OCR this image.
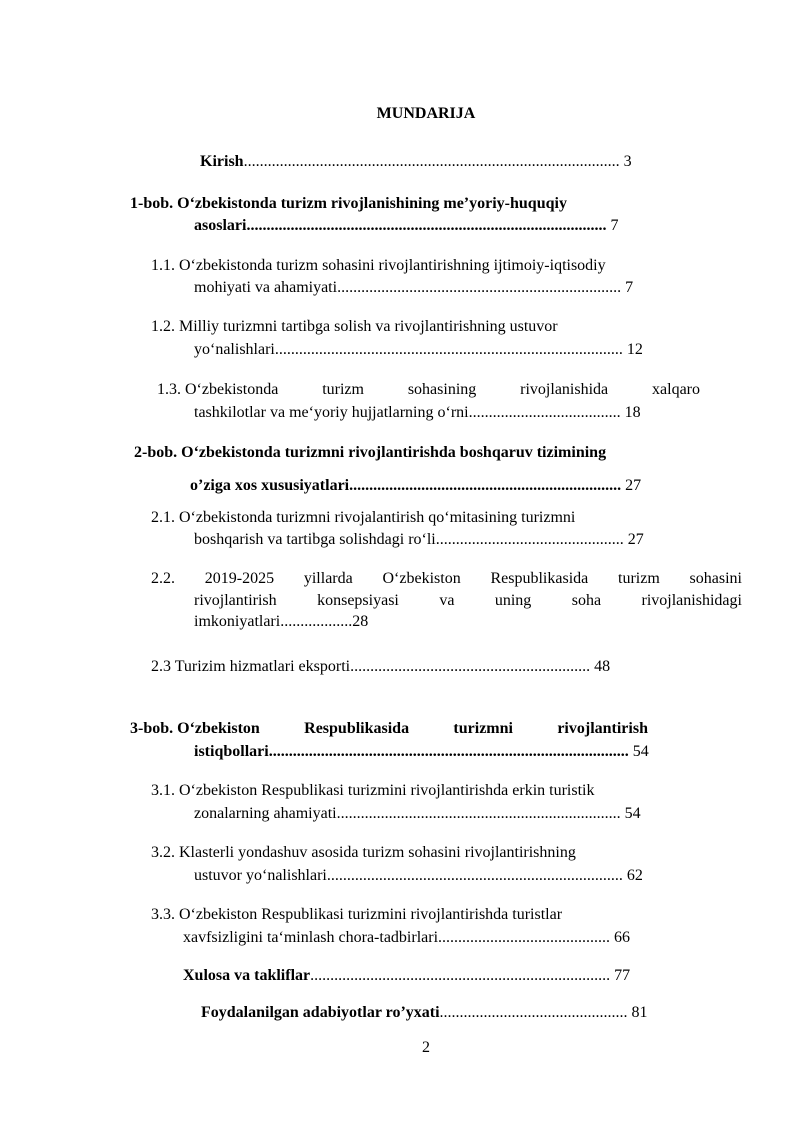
MUNDARIJA
Kirish.............................................................................................. 3
1-bob. O‘zbekistonda turizm rivojlanishining me’yoriy-huquqiy
asoslari.......................................................................................... 7
1.1. O‘zbekistonda turizm sohasini rivojlantirishning ijtimoiy-iqtisodiy
mohiyati va ahamiyati....................................................................... 7
1.2. Milliy turizmni tartibga solish va rivojlantirishning ustuvor
yo‘nalishlari....................................................................................... 12
1.3. O‘zbekistonda	turizm	sohasining	rivojlanishida	xalqaro
tashkilotlar va me‘yoriy hujjatlarning o‘rni...................................... 18
2-bob. O‘zbekistonda turizmni rivojlantirishda boshqaruv tizimining
o’ziga xos xususiyatlari.................................................................... 27
2.1. O‘zbekistonda turizmni rivojalantirish qo‘mitasining turizmni
boshqarish va tartibga solishdagi ro‘li............................................... 27
2.2. 2019-2025 yillarda O‘zbekiston Respublikasida turizm sohasini
rivojlantirish	konsepsiyasi	va	uning	soha	rivojlanishidagi
imkoniyatlari..................28
2.3 Turizim hizmatlari eksporti............................................................ 48
3-bob. O‘zbekiston	Respublikasida	turizmni	rivojlantirish
istiqbollari.......................................................................................... 54
3.1. O‘zbekiston Respublikasi turizmini rivojlantirishda erkin turistik
zonalarning ahamiyati....................................................................... 54
3.2. Klasterli yondashuv asosida turizm sohasini rivojlantirishning
ustuvor yo‘nalishlari.......................................................................... 62
3.3. O‘zbekiston Respublikasi turizmini rivojlantirishda turistlar
xavfsizligini ta‘minlash chora-tadbirlari........................................... 66
Xulosa va takliflar........................................................................... 77
Foydalanilgan adabiyotlar ro’yxati............................................... 81
2
